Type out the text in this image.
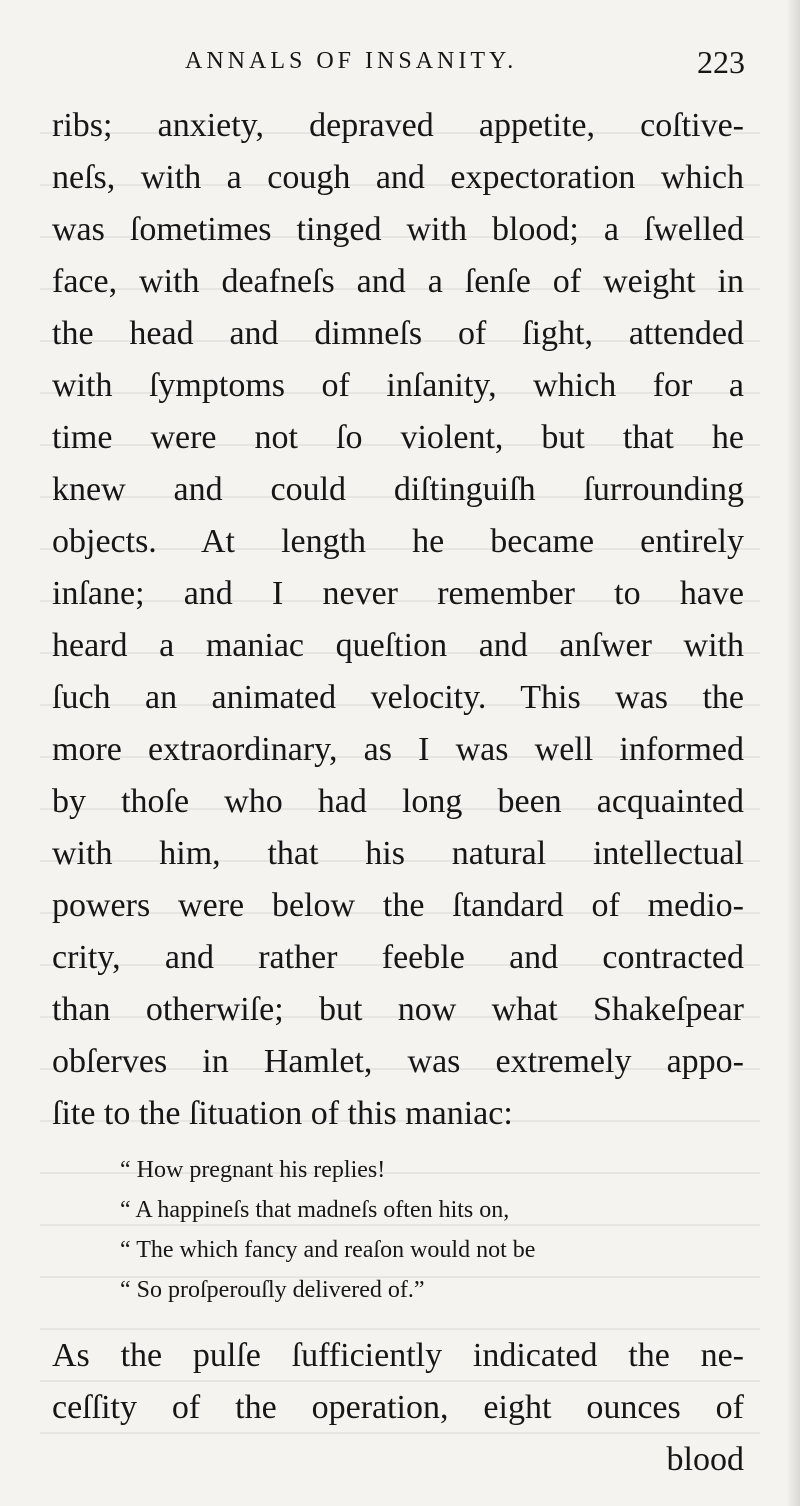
ANNALS OF INSANITY.	223
ribs; anxiety, depraved appetite, coſtive-
neſs, with a cough and expectoration which
was ſometimes tinged with blood; a ſwelled
face, with deafneſs and a ſenſe of weight in
the head and dimneſs of ſight, attended
with ſymptoms of inſanity, which for a
time were not ſo violent, but that he
knew and could diſtinguiſh ſurrounding
objects. At length he became entirely
inſane; and I never remember to have
heard a maniac queſtion and anſwer with
ſuch an animated velocity. This was the
more extraordinary, as I was well informed
by thoſe who had long been acquainted
with him, that his natural intellectual
powers were below the ſtandard of medio-
crity, and rather feeble and contracted
than otherwiſe; but now what Shakeſpear
obſerves in Hamlet, was extremely appo-
ſite to the ſituation of this maniac:
“ How pregnant his replies!
“ A happineſs that madneſs often hits on,
“ The which fancy and reaſon would not be
“ So proſperouſly delivered of.”
As the pulſe ſufficiently indicated the ne-
ceſſity of the operation, eight ounces of
blood
